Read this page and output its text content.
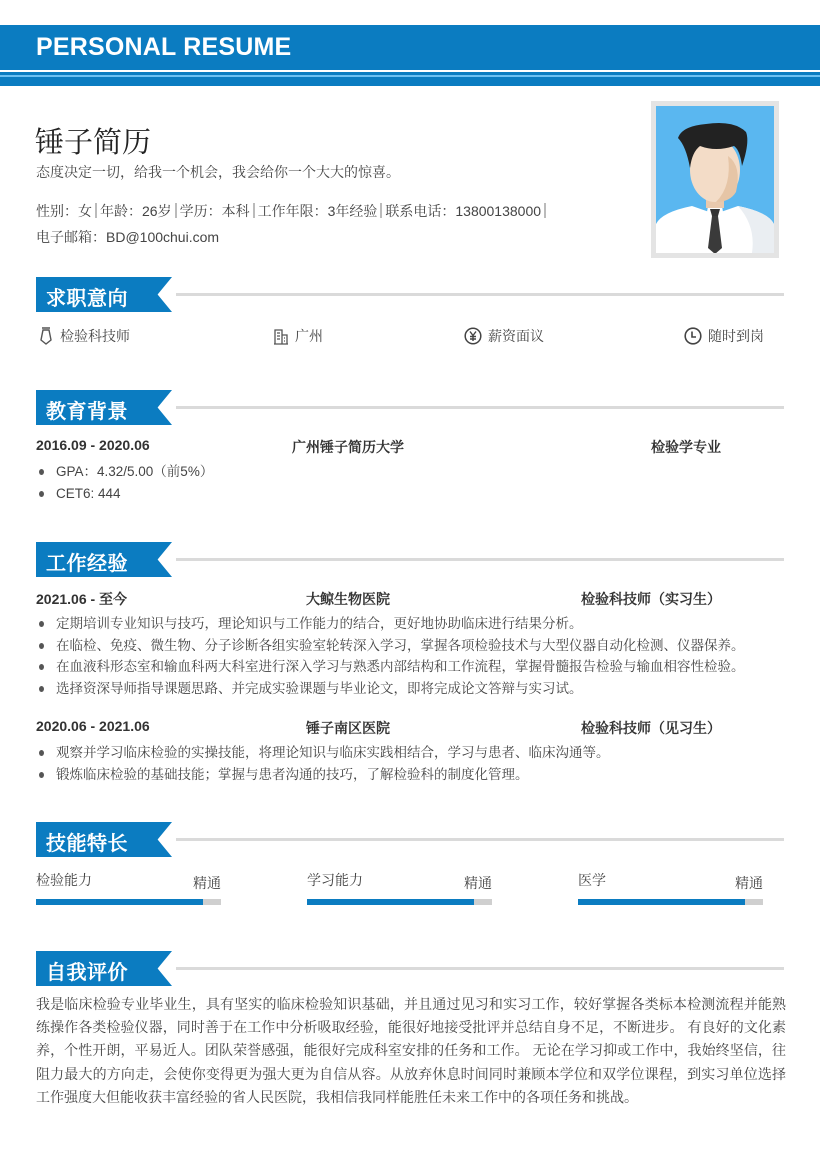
PERSONAL RESUME
锤子简历
态度决定一切，给我一个机会，我会给你一个大大的惊喜。
性别：女 年龄：26岁 学历：本科 工作年限：3年经验 联系电话：13800138000
电子邮箱：BD@100chui.com
求职意向
检验科技师	广州	薪资面议	随时到岗
教育背景
2016.09 - 2020.06	广州锤子简历大学	检验学专业
GPA：4.32/5.00（前5%）
CET6: 444
工作经验
2021.06 - 至今	大鲸生物医院	检验科技师（实习生）
定期培训专业知识与技巧，理论知识与工作能力的结合，更好地协助临床进行结果分析。
在临检、免疫、微生物、分子诊断各组实验室轮转深入学习，掌握各项检验技术与大型仪器自动化检测、仪器保养。
在血液科形态室和输血科两大科室进行深入学习与熟悉内部结构和工作流程，掌握骨髓报告检验与输血相容性检验。
选择资深导师指导课题思路、并完成实验课题与毕业论文，即将完成论文答辩与实习试。
2020.06 - 2021.06	锤子南区医院	检验科技师（见习生）
观察并学习临床检验的实操技能，将理论知识与临床实践相结合，学习与患者、临床沟通等。
锻炼临床检验的基础技能；掌握与患者沟通的技巧，了解检验科的制度化管理。
技能特长
检验能力	精通	学习能力	精通	医学	精通
自我评价
我是临床检验专业毕业生，具有坚实的临床检验知识基础，并且通过见习和实习工作，较好掌握各类标本检测流程并能熟练操作各类检验仪器，同时善于在工作中分析吸取经验，能很好地接受批评并总结自身不足，不断进步。 有良好的文化素养，个性开朗，平易近人。团队荣誉感强，能很好完成科室安排的任务和工作。 无论在学习抑或工作中，我始终坚信，往阻力最大的方向走，会使你变得更为强大更为自信从容。从放弃休息时间同时兼顾本学位和双学位课程，到实习单位选择工作强度大但能收获丰富经验的省人民医院，我相信我同样能胜任未来工作中的各项任务和挑战。
